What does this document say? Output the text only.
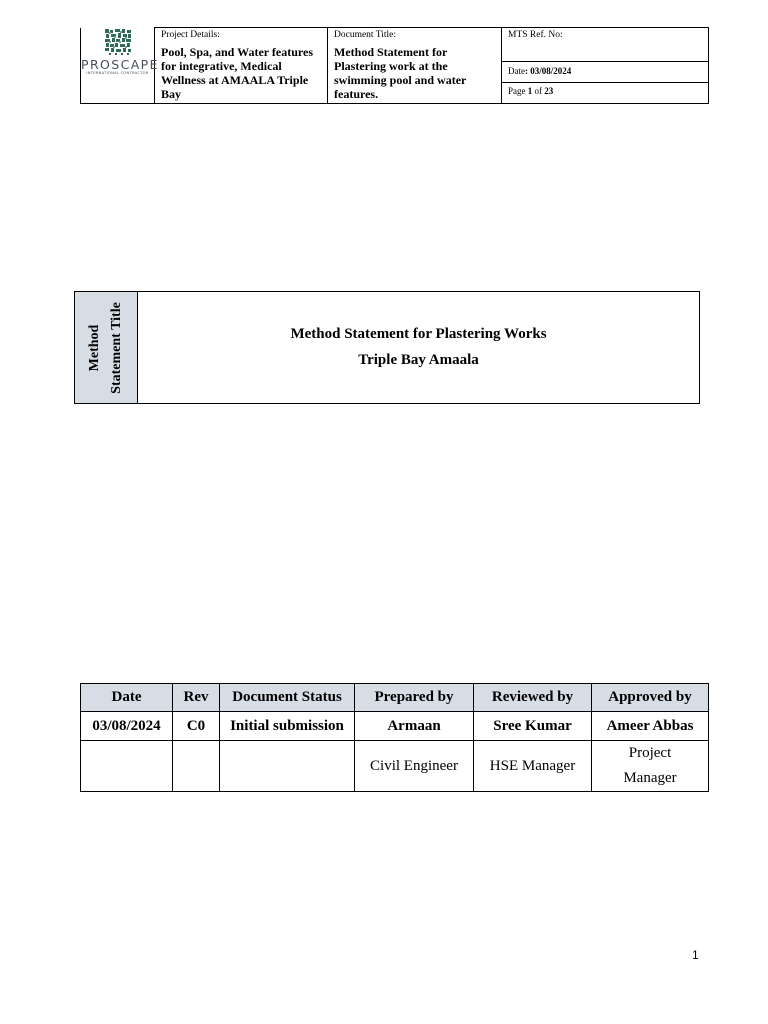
PROSCAPE
INTERNATIONAL CONTRACTOR

Project Details:
Pool, Spa, and Water features for integrative, Medical Wellness at AMAALA Triple Bay

Document Title:
Method Statement for Plastering work at the swimming pool and water features.

MTS Ref. No:

Date: 03/08/2024

Page 1 of 23
Method Statement Title	Method Statement for Plastering Works
Triple Bay Amaala
Date	Rev	Document Status	Prepared by	Reviewed by	Approved by
03/08/2024	C0	Initial submission	Armaan	Sree Kumar	Ameer Abbas
			Civil Engineer	HSE Manager	Project Manager
1
